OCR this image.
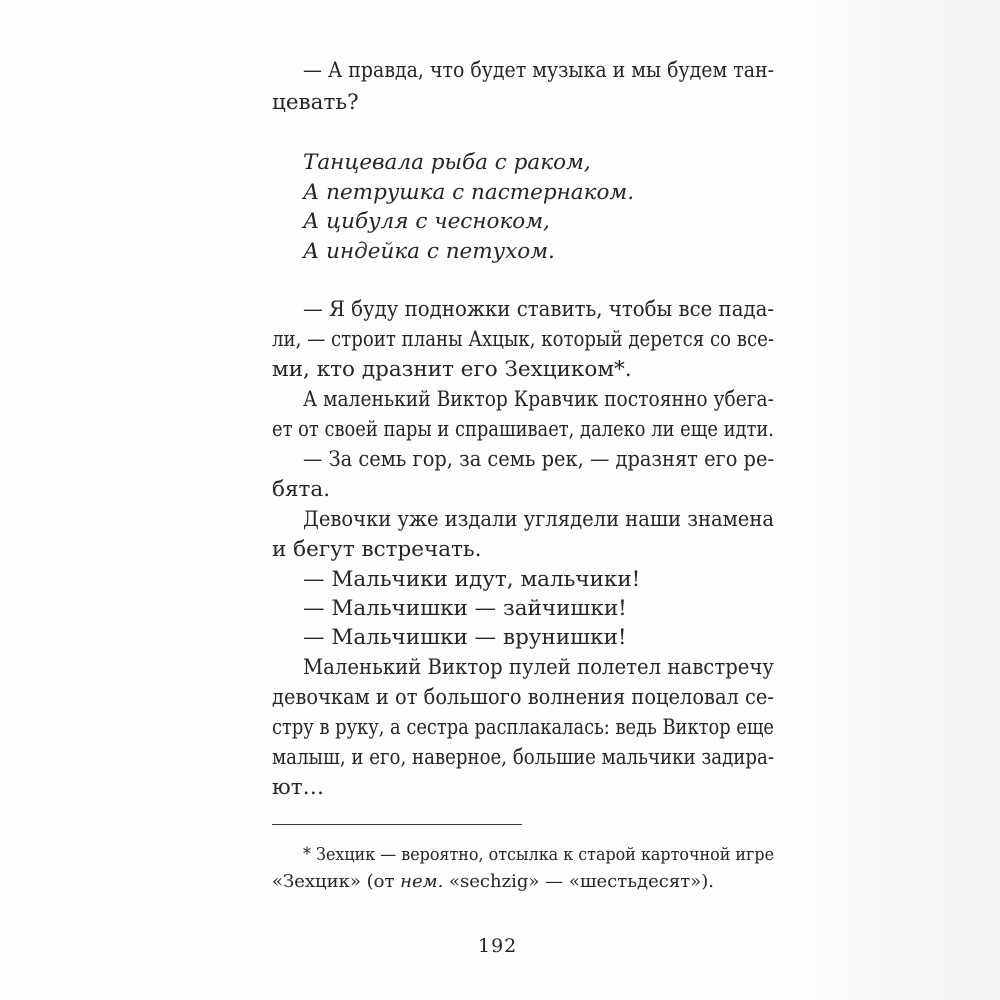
— А правда, что будет музыка и мы будем тан-
цевать?
Танцевала рыба с раком,
А петрушка с пастернаком.
А цибуля с чесноком,
А индейка с петухом.
— Я буду подножки ставить, чтобы все пада-
ли, — строит планы Ахцык, который дерется со все-
ми, кто дразнит его Зехциком*.
А маленький Виктор Кравчик постоянно убега-
ет от своей пары и спрашивает, далеко ли еще идти.
— За семь гор, за семь рек, — дразнят его ре-
бята.
Девочки уже издали углядели наши знамена
и бегут встречать.
— Мальчики идут, мальчики!
— Мальчишки — зайчишки!
— Мальчишки — врунишки!
Маленький Виктор пулей полетел навстречу
девочкам и от большого волнения поцеловал се-
стру в руку, а сестра расплакалась: ведь Виктор еще
малыш, и его, наверное, большие мальчики задира-
ют…
* Зехцик — вероятно, отсылка к старой карточной игре
«Зехцик» (от нем. «sechzig» — «шестьдесят»).
192
